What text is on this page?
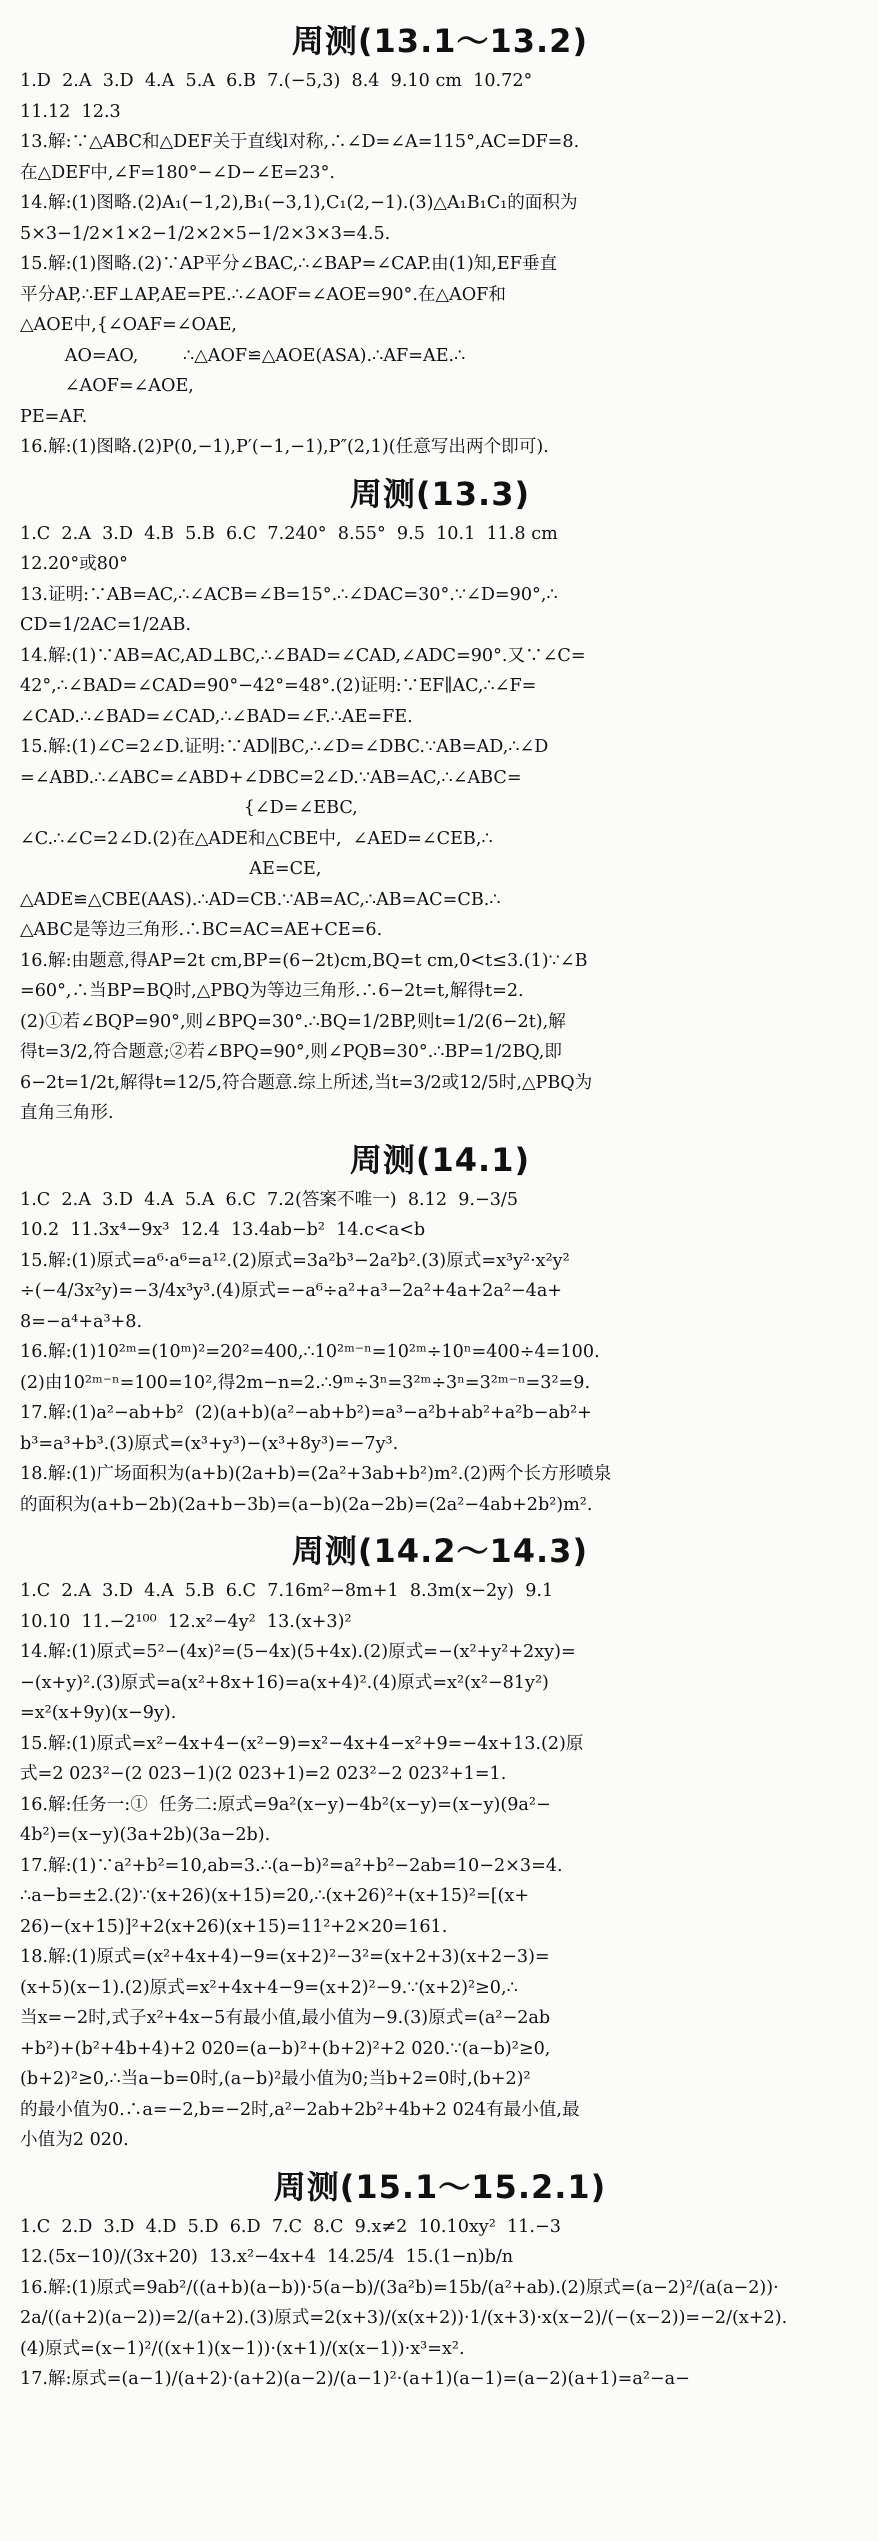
周测(13.1～13.2)
1.D  2.A  3.D  4.A  5.A  6.B  7.(−5,3)  8.4  9.10 cm  10.72°
11.12  12.3
13.解:∵△ABC和△DEF关于直线l对称,∴∠D=∠A=115°,AC=DF=8.
在△DEF中,∠F=180°−∠D−∠E=23°.
14.解:(1)图略.(2)A₁(−1,2),B₁(−3,1),C₁(2,−1).(3)△A₁B₁C₁的面积为
5×3−1/2×1×2−1/2×2×5−1/2×3×3=4.5.
15.解:(1)图略.(2)∵AP平分∠BAC,∴∠BAP=∠CAP.由(1)知,EF垂直
平分AP,∴EF⊥AP,AE=PE.∴∠AOF=∠AOE=90°.在△AOF和
△AOE中,{∠OAF=∠OAE,
AO=AO,        ∴△AOF≌△AOE(ASA).∴AF=AE.∴
∠AOF=∠AOE,
PE=AF.
16.解:(1)图略.(2)P(0,−1),P′(−1,−1),P″(2,1)(任意写出两个即可).
周测(13.3)
1.C  2.A  3.D  4.B  5.B  6.C  7.240°  8.55°  9.5  10.1  11.8 cm
12.20°或80°
13.证明:∵AB=AC,∴∠ACB=∠B=15°.∴∠DAC=30°.∵∠D=90°,∴
CD=1/2AC=1/2AB.
14.解:(1)∵AB=AC,AD⊥BC,∴∠BAD=∠CAD,∠ADC=90°.又∵∠C=
42°,∴∠BAD=∠CAD=90°−42°=48°.(2)证明:∵EF∥AC,∴∠F=
∠CAD.∴∠BAD=∠CAD,∴∠BAD=∠F.∴AE=FE.
15.解:(1)∠C=2∠D.证明:∵AD∥BC,∴∠D=∠DBC.∵AB=AD,∴∠D
=∠ABD.∴∠ABC=∠ABD+∠DBC=2∠D.∵AB=AC,∴∠ABC=
{∠D=∠EBC,
∠C.∴∠C=2∠D.(2)在△ADE和△CBE中,  ∠AED=∠CEB,∴
AE=CE,
△ADE≌△CBE(AAS).∴AD=CB.∵AB=AC,∴AB=AC=CB.∴
△ABC是等边三角形.∴BC=AC=AE+CE=6.
16.解:由题意,得AP=2t cm,BP=(6−2t)cm,BQ=t cm,0<t≤3.(1)∵∠B
=60°,∴当BP=BQ时,△PBQ为等边三角形.∴6−2t=t,解得t=2.
(2)①若∠BQP=90°,则∠BPQ=30°.∴BQ=1/2BP,则t=1/2(6−2t),解
得t=3/2,符合题意;②若∠BPQ=90°,则∠PQB=30°.∴BP=1/2BQ,即
6−2t=1/2t,解得t=12/5,符合题意.综上所述,当t=3/2或12/5时,△PBQ为
直角三角形.
周测(14.1)
1.C  2.A  3.D  4.A  5.A  6.C  7.2(答案不唯一)  8.12  9.−3/5
10.2  11.3x⁴−9x³  12.4  13.4ab−b²  14.c<a<b
15.解:(1)原式=a⁶·a⁶=a¹².(2)原式=3a²b³−2a²b².(3)原式=x³y²·x²y²
÷(−4/3x²y)=−3/4x³y³.(4)原式=−a⁶÷a²+a³−2a²+4a+2a²−4a+
8=−a⁴+a³+8.
16.解:(1)10²ᵐ=(10ᵐ)²=20²=400,∴10²ᵐ⁻ⁿ=10²ᵐ÷10ⁿ=400÷4=100.
(2)由10²ᵐ⁻ⁿ=100=10²,得2m−n=2.∴9ᵐ÷3ⁿ=3²ᵐ÷3ⁿ=3²ᵐ⁻ⁿ=3²=9.
17.解:(1)a²−ab+b²  (2)(a+b)(a²−ab+b²)=a³−a²b+ab²+a²b−ab²+
b³=a³+b³.(3)原式=(x³+y³)−(x³+8y³)=−7y³.
18.解:(1)广场面积为(a+b)(2a+b)=(2a²+3ab+b²)m².(2)两个长方形喷泉
的面积为(a+b−2b)(2a+b−3b)=(a−b)(2a−2b)=(2a²−4ab+2b²)m².
周测(14.2～14.3)
1.C  2.A  3.D  4.A  5.B  6.C  7.16m²−8m+1  8.3m(x−2y)  9.1
10.10  11.−2¹⁰⁰  12.x²−4y²  13.(x+3)²
14.解:(1)原式=5²−(4x)²=(5−4x)(5+4x).(2)原式=−(x²+y²+2xy)=
−(x+y)².(3)原式=a(x²+8x+16)=a(x+4)².(4)原式=x²(x²−81y²)
=x²(x+9y)(x−9y).
15.解:(1)原式=x²−4x+4−(x²−9)=x²−4x+4−x²+9=−4x+13.(2)原
式=2 023²−(2 023−1)(2 023+1)=2 023²−2 023²+1=1.
16.解:任务一:①  任务二:原式=9a²(x−y)−4b²(x−y)=(x−y)(9a²−
4b²)=(x−y)(3a+2b)(3a−2b).
17.解:(1)∵a²+b²=10,ab=3.∴(a−b)²=a²+b²−2ab=10−2×3=4.
∴a−b=±2.(2)∵(x+26)(x+15)=20,∴(x+26)²+(x+15)²=[(x+
26)−(x+15)]²+2(x+26)(x+15)=11²+2×20=161.
18.解:(1)原式=(x²+4x+4)−9=(x+2)²−3²=(x+2+3)(x+2−3)=
(x+5)(x−1).(2)原式=x²+4x+4−9=(x+2)²−9.∵(x+2)²≥0,∴
当x=−2时,式子x²+4x−5有最小值,最小值为−9.(3)原式=(a²−2ab
+b²)+(b²+4b+4)+2 020=(a−b)²+(b+2)²+2 020.∵(a−b)²≥0,
(b+2)²≥0,∴当a−b=0时,(a−b)²最小值为0;当b+2=0时,(b+2)²
的最小值为0.∴a=−2,b=−2时,a²−2ab+2b²+4b+2 024有最小值,最
小值为2 020.
周测(15.1～15.2.1)
1.C  2.D  3.D  4.D  5.D  6.D  7.C  8.C  9.x≠2  10.10xy²  11.−3
12.(5x−10)/(3x+20)  13.x²−4x+4  14.25/4  15.(1−n)b/n
16.解:(1)原式=9ab²/((a+b)(a−b))·5(a−b)/(3a²b)=15b/(a²+ab).(2)原式=(a−2)²/(a(a−2))·
2a/((a+2)(a−2))=2/(a+2).(3)原式=2(x+3)/(x(x+2))·1/(x+3)·x(x−2)/(−(x−2))=−2/(x+2).
(4)原式=(x−1)²/((x+1)(x−1))·(x+1)/(x(x−1))·x³=x².
17.解:原式=(a−1)/(a+2)·(a+2)(a−2)/(a−1)²·(a+1)(a−1)=(a−2)(a+1)=a²−a−
